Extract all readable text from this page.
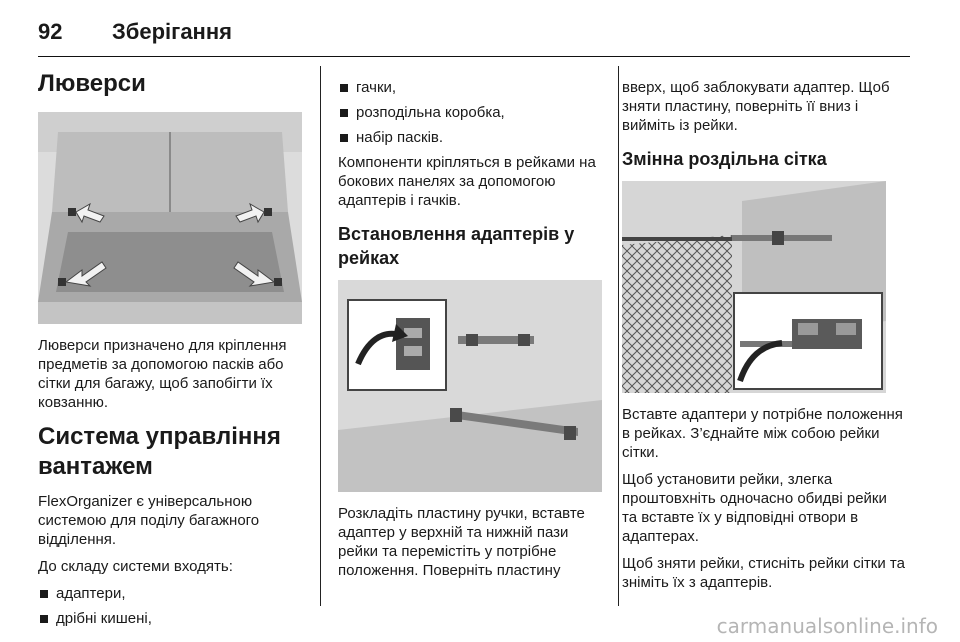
92	Зберігання
Люверси

Люверси призначено для кріплення предметів за допомогою пасків або сітки для багажу, щоб запобігти їх ковзанню.

Система управління вантажем

FlexOrganizer є універсальною системою для поділу багажного відділення.

До складу системи входять:

адаптери,
дрібні кишені,
гачки,
розподільна коробка,
набір пасків.

Компоненти кріпляться в рейками на бокових панелях за допомогою адаптерів і гачків.

Встановлення адаптерів у рейках

Розкладіть пластину ручки, вставте адаптер у верхній та нижній пази рейки та перемістіть у потрібне положення. Поверніть пластину

вверх, щоб заблокувати адаптер. Щоб зняти пластину, поверніть її вниз і вийміть із рейки.

Змінна роздільна сітка

Вставте адаптери у потрібне положення в рейках. З’єднайте між собою рейки сітки.

Щоб установити рейки, злегка проштовхніть одночасно обидві рейки та вставте їх у відповідні отвори в адаптерах.

Щоб зняти рейки, стисніть рейки сітки та зніміть їх з адаптерів.

carmanualsonline.info
